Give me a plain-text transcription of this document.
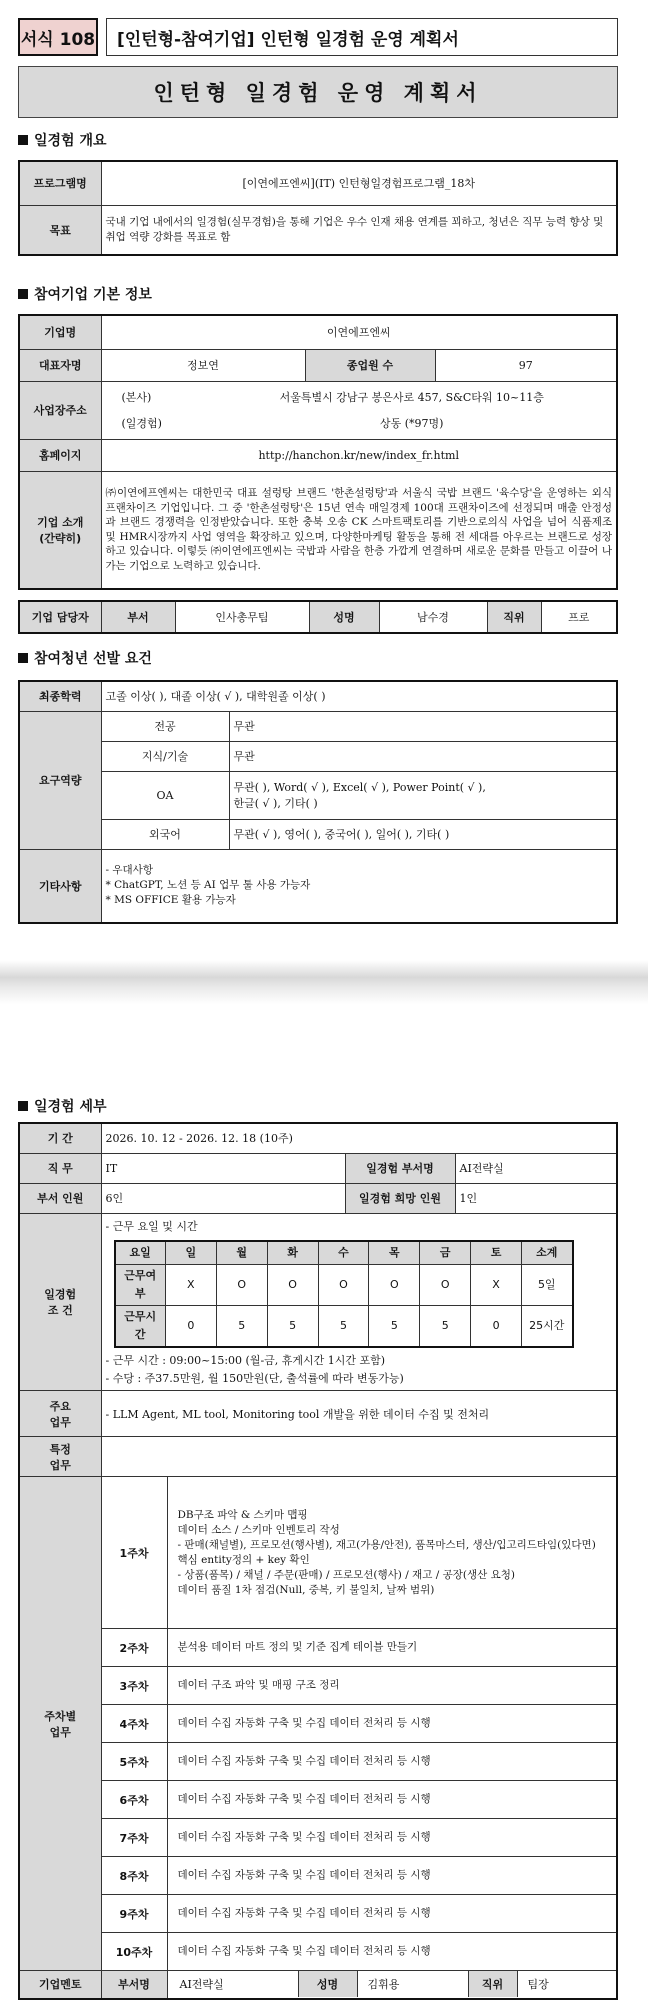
서식 108	[인턴형-참여기업] 인턴형 일경험 운영 계획서
인턴형 일경험 운영 계획서
일경험 개요
프로그램명	[이연에프엔씨](IT) 인턴형일경험프로그램_18차
목표	국내 기업 내에서의 일경험(실무경험)을 통해 기업은 우수 인재 채용 연계를 꾀하고, 청년은 직무 능력 향상 및 취업 역량 강화를 목표로 함
참여기업 기본 정보
기업명	이연에프엔씨		
대표자명	정보연	종업원 수	97
사업장주소	(본사) 서울특별시 강남구 봉은사로 457, S&C타워 10~11층
(일경험) 상동 (*97명)		

홈페이지	http://hanchon.kr/new/index_fr.html		
기업 소개
(간략히)	㈜이연에프엔씨는 대한민국 대표 설렁탕 브랜드 '한촌설렁탕'과 서울식 국밥 브랜드 '육수당'을 운영하는 외식 프랜차이즈 기업입니다. 그 중 '한촌설렁탕'은 15년 연속 매일경제 100대 프랜차이즈에 선정되며 매출 안정성과 브랜드 경쟁력을 인정받았습니다. 또한 충북 오송 CK 스마트팩토리를 기반으로의식 사업을 넘어 식품제조 및 HMR시장까지 사업 영역을 확장하고 있으며, 다양한마케팅 활동을 통해 전 세대를 아우르는 브랜드로 성장하고 있습니다. 이렇듯 ㈜이연에프엔씨는 국밥과 사람을 한층 가깝게 연결하며 새로운 문화를 만들고 이끌어 나가는 기업으로 노력하고 있습니다.		
기업 담당자	부서	인사총무팀	성명	남수경	직위	프로
참여청년 선발 요건
최종학력	고졸 이상( ), 대졸 이상( √ ), 대학원졸 이상( )	
요구역량	전공	무관
	지식/기술	무관
	OA	무관( ), Word( √ ), Excel( √ ), Power Point( √ ),
한글( √ ), 기타( )
	외국어	무관( √ ), 영어( ), 중국어( ), 일어( ), 기타( )
기타사항	- 우대사항
* ChatGPT, 노션 등 AI 업무 툴 사용 가능자
* MS OFFICE 활용 가능자	
일경험 세부
기 간	2026. 10. 12 - 2026. 12. 18 (10주)
직 무	IT	일경험 부서명	AI전략실
부서 인원	6인	일경험 희망 인원	1인
일경험
조 건	
- 근무 요일 및 시간
요일	일	월	화	수	목	금	토	소계
근무여부	X	O	O	O	O	O	X	5일
근무시간	0	5	5	5	5	5	0	25시간
- 근무 시간 : 09:00~15:00 (월-금, 휴게시간 1시간 포함)
- 수당 : 주37.5만원, 월 150만원(단, 출석률에 따라 변동가능)

주요
업무	- LLM Agent, ML tool, Monitoring tool 개발을 위한 데이터 수집 및 전처리
특정
업무	
주차별
업무	1주차	DB구조 파악 & 스키마 맵핑
데이터 소스 / 스키마 인벤토리 작성
- 판매(채널별), 프로모션(행사별), 재고(가용/안전), 품목마스터, 생산/입고리드타임(있다면)
핵심 entity정의 + key 확인
- 상품(품목) / 채널 / 주문(판매) / 프로모션(행사) / 재고 / 공장(생산 요청)
데이터 품질 1차 점검(Null, 중복, 키 불일치, 날짜 범위)
2주차	분석용 데이터 마트 정의 및 기준 집계 테이블 만들기
3주차	데이터 구조 파악 및 매핑 구조 정리
4주차	데이터 수집 자동화 구축 및 수집 데이터 전처리 등 시행
5주차	데이터 수집 자동화 구축 및 수집 데이터 전처리 등 시행
6주차	데이터 수집 자동화 구축 및 수집 데이터 전처리 등 시행
7주차	데이터 수집 자동화 구축 및 수집 데이터 전처리 등 시행
8주차	데이터 수집 자동화 구축 및 수집 데이터 전처리 등 시행
9주차	데이터 수집 자동화 구축 및 수집 데이터 전처리 등 시행
10주차	데이터 수집 자동화 구축 및 수집 데이터 전처리 등 시행
기업멘토	부서명	AI전략실	성명	김휘용	직위	팀장
